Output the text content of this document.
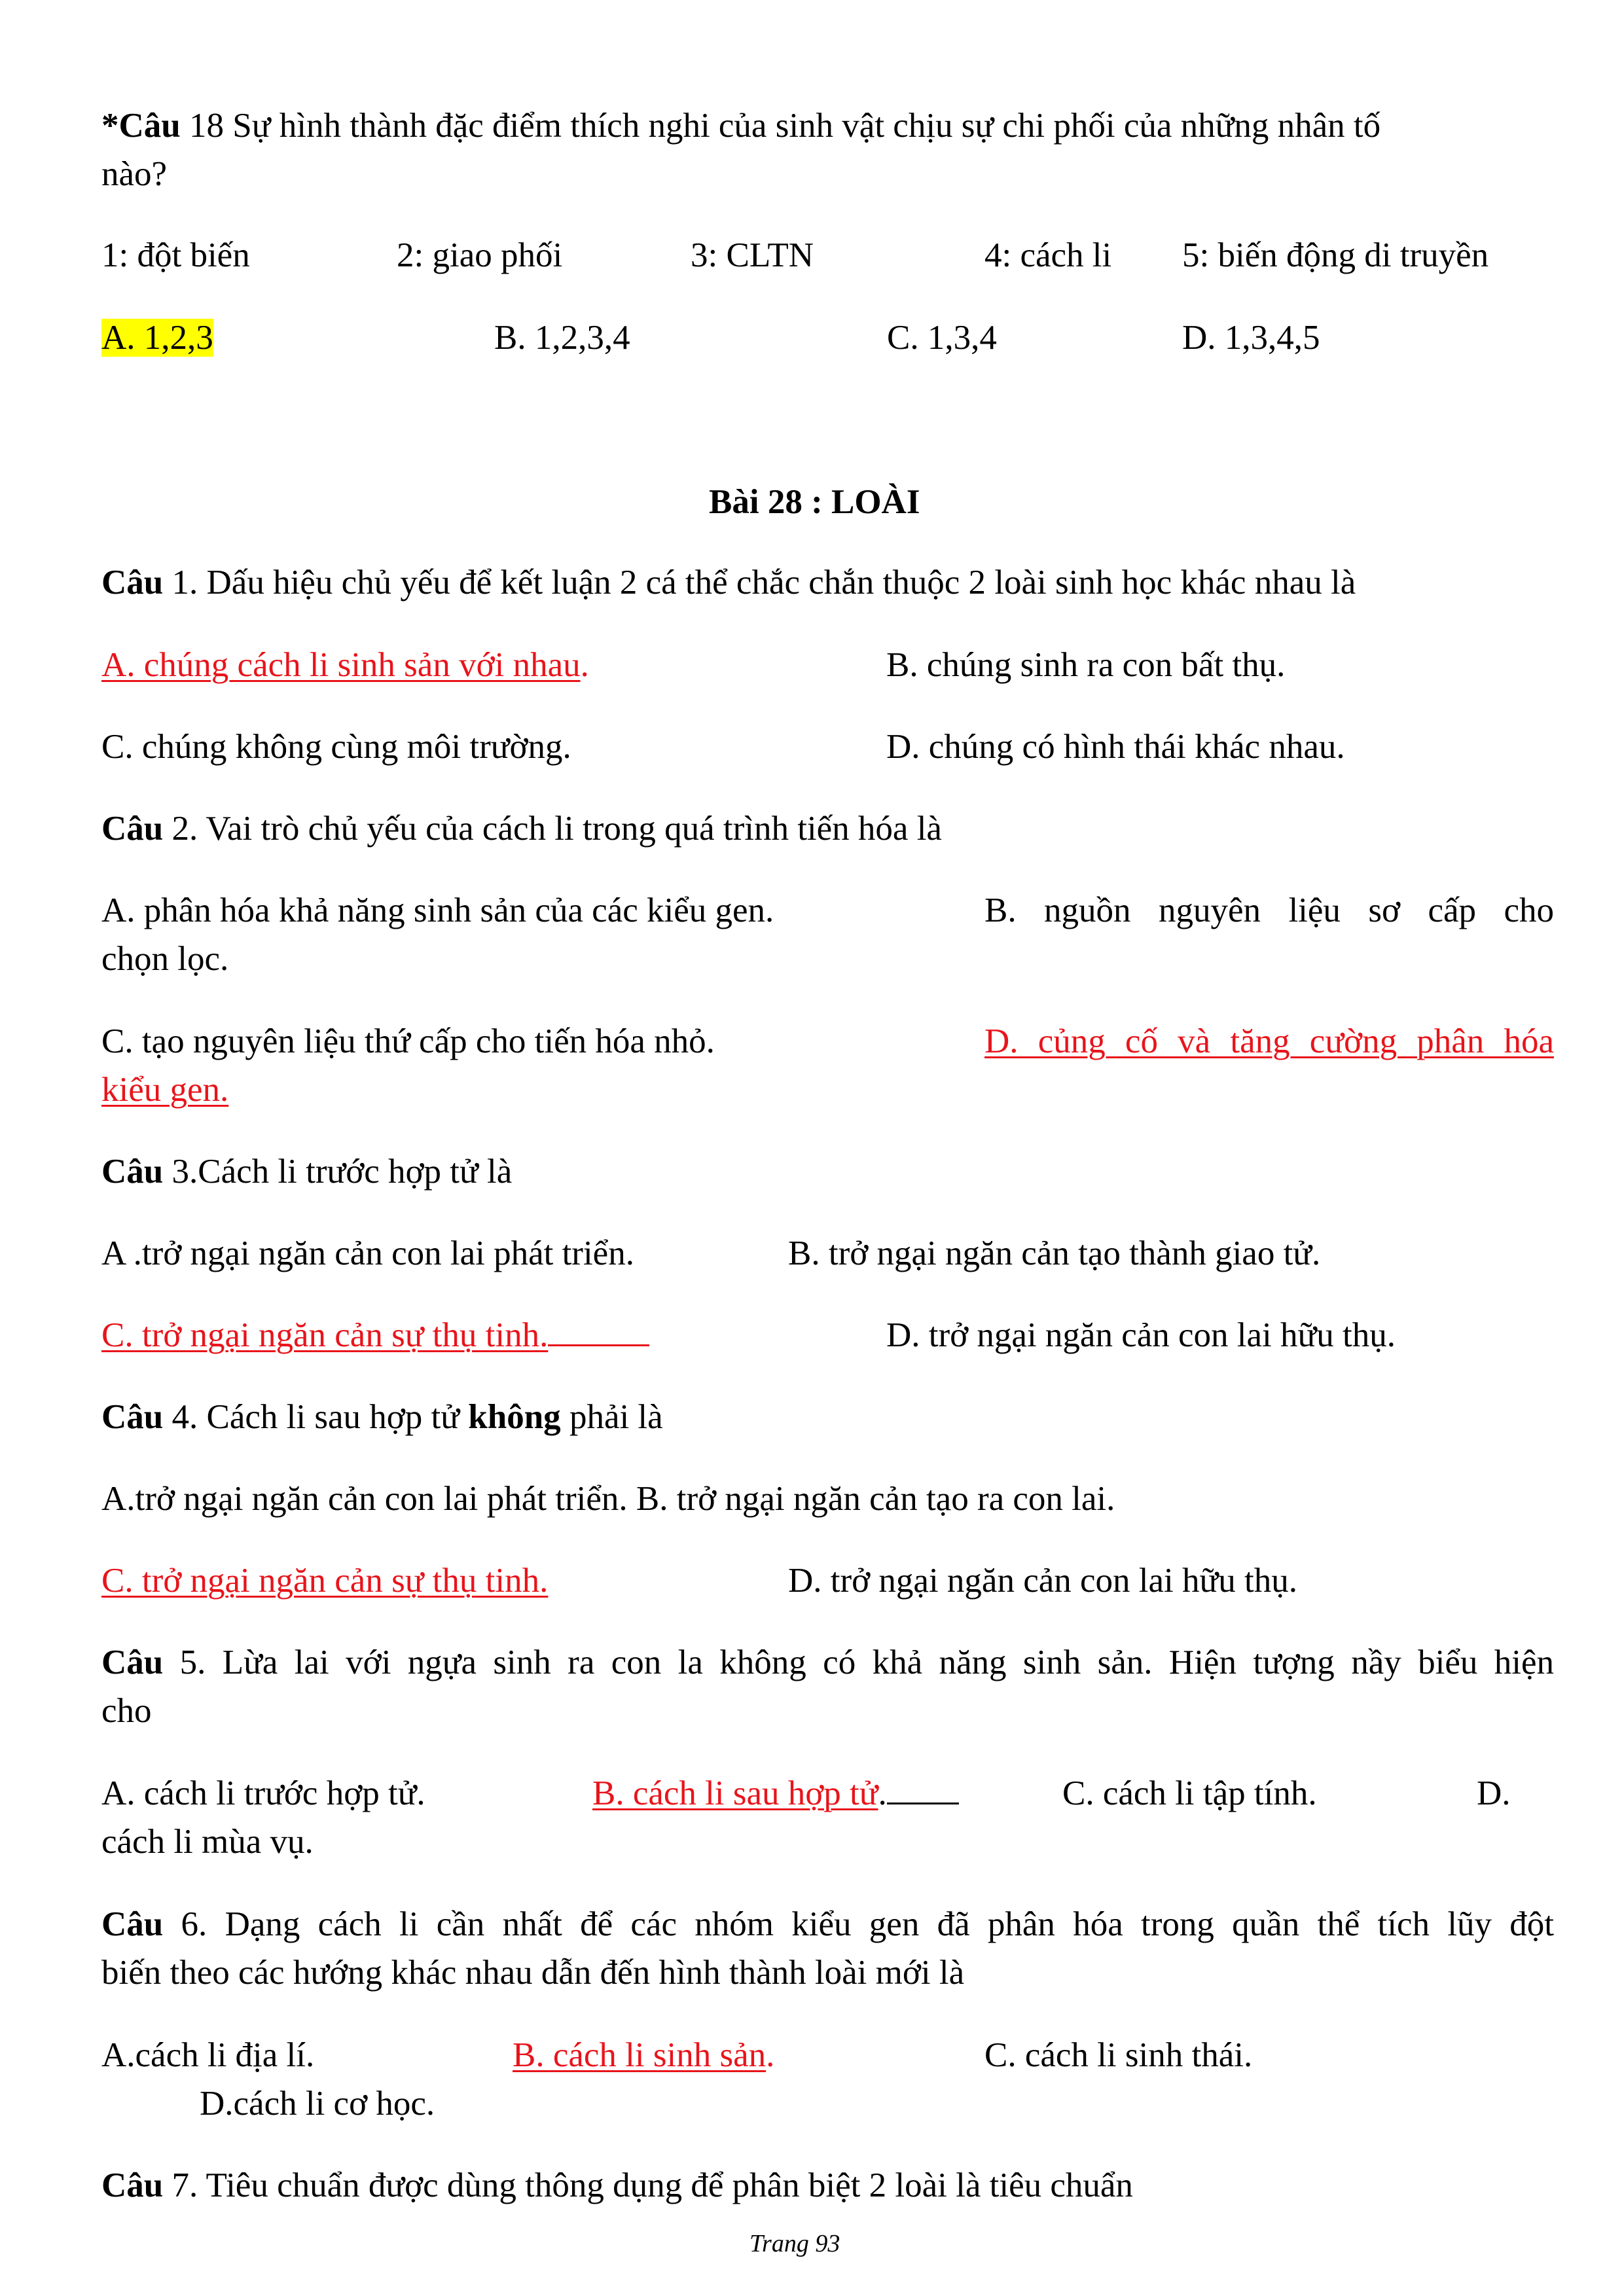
*Câu 18 Sự hình thành đặc điểm thích nghi của sinh vật chịu sự chi phối của những nhân tố
nào?
1: đột biến	2: giao phối	3: CLTN	4: cách li 5: biến động di truyền
A. 1,2,3	B. 1,2,3,4	C. 1,3,4	D. 1,3,4,5
Bài 28 : LOÀI
Câu 1. Dấu hiệu chủ yếu để kết luận 2 cá thể chắc chắn thuộc 2 loài sinh học khác nhau là
A. chúng cách li sinh sản với nhau.	B. chúng sinh ra con bất thụ.
C. chúng không cùng môi trường.	D. chúng có hình thái khác nhau.
Câu 2. Vai trò chủ yếu của cách li trong quá trình tiến hóa là
A. phân hóa khả năng sinh sản của các kiểu gen.	B. nguồn nguyên liệu sơ cấp cho
chọn lọc.
C. tạo nguyên liệu thứ cấp cho tiến hóa nhỏ.	D. củng cố và tăng cường phân hóa
kiểu gen.
Câu 3.Cách li trước hợp tử là
A .trở ngại ngăn cản con lai phát triển.	B. trở ngại ngăn cản tạo thành giao tử.
C. trở ngại ngăn cản sự thụ tinh.	D. trở ngại ngăn cản con lai hữu thụ.
Câu 4. Cách li sau hợp tử không phải là
A.trở ngại ngăn cản con lai phát triển. B. trở ngại ngăn cản tạo ra con lai.
C. trở ngại ngăn cản sự thụ tinh.	D. trở ngại ngăn cản con lai hữu thụ.
Câu 5. Lừa lai với ngựa sinh ra con la không có khả năng sinh sản. Hiện tượng nầy biểu hiện
cho
A. cách li trước hợp tử.	B. cách li sau hợp tử.	C. cách li tập tính.	D.
cách li mùa vụ.
Câu 6. Dạng cách li cần nhất để các nhóm kiểu gen đã phân hóa trong quần thể tích lũy đột
biến theo các hướng khác nhau dẫn đến hình thành loài mới là
A.cách li địa lí.	B. cách li sinh sản.	C. cách li sinh thái.
D.cách li cơ học.
Câu 7. Tiêu chuẩn được dùng thông dụng để phân biệt 2 loài là tiêu chuẩn
Trang 93
